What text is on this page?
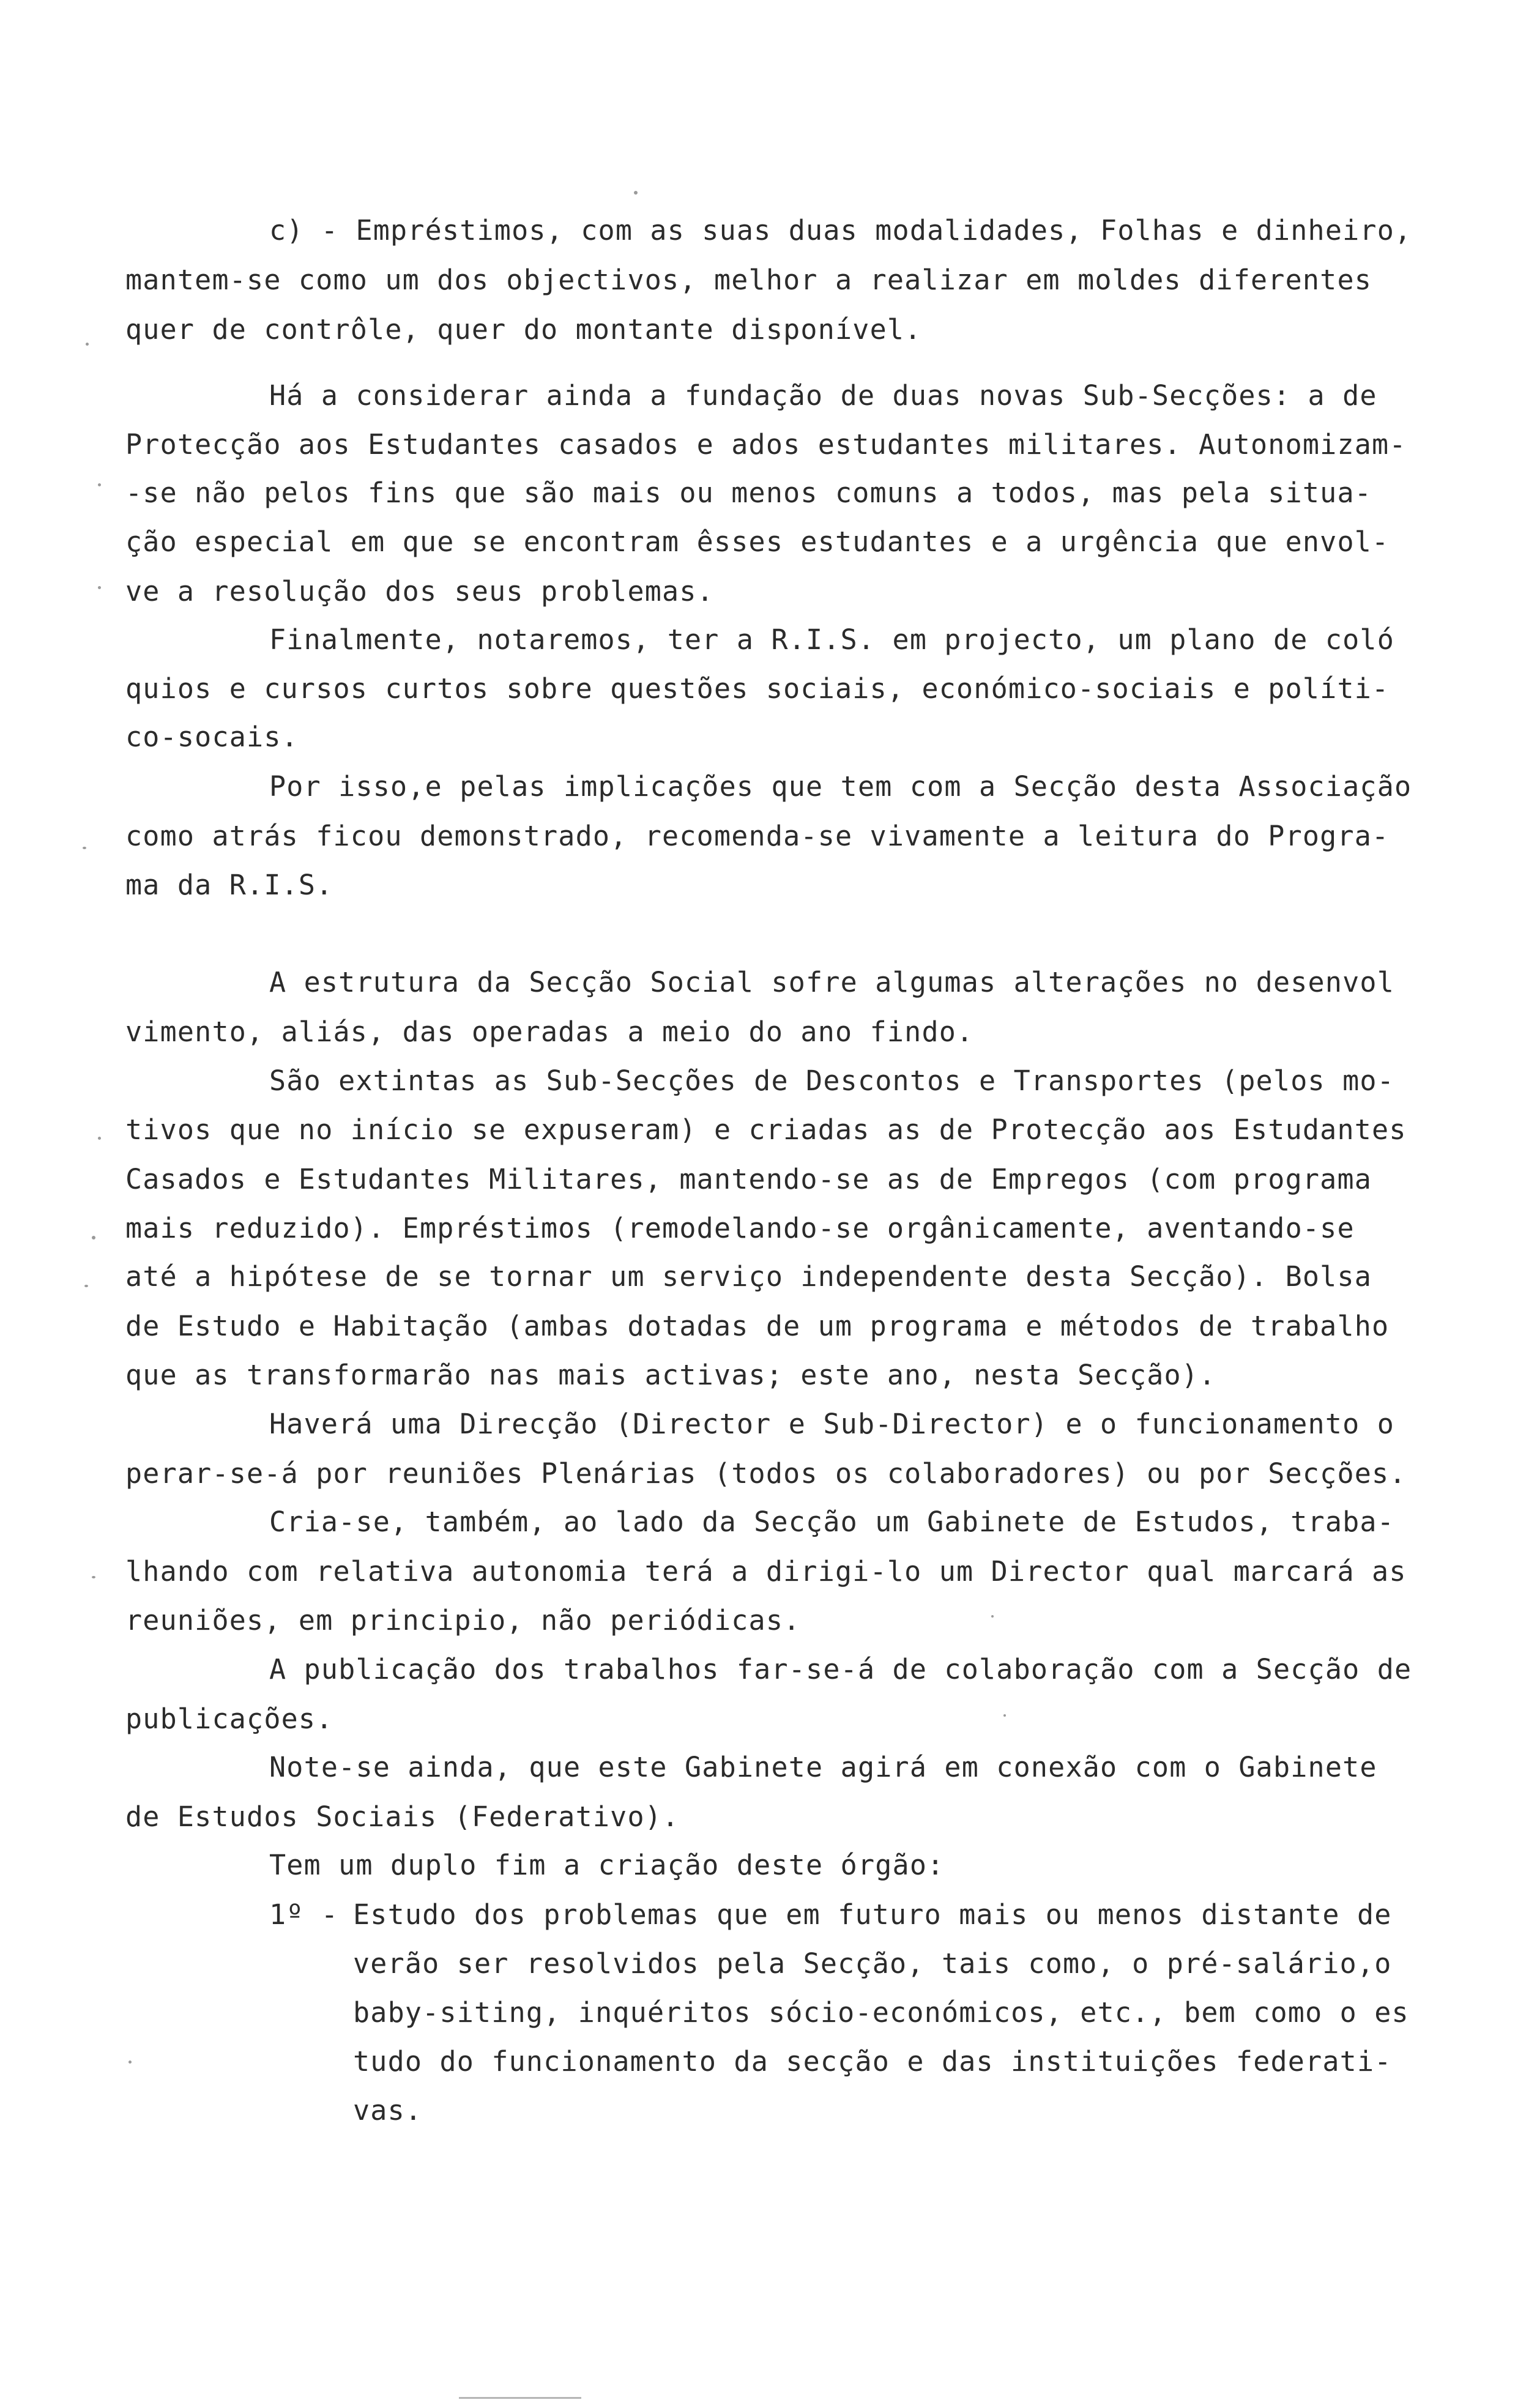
c) - Empréstimos, com as suas duas modalidades, Folhas e dinheiro,
mantem-se como um dos objectivos, melhor a realizar em moldes diferentes
quer de contrôle, quer do montante disponível.
Há a considerar ainda a fundação de duas novas Sub-Secções: a de
Protecção aos Estudantes casados e ados estudantes militares. Autonomizam-
-se não pelos fins que são mais ou menos comuns a todos, mas pela situa-
ção especial em que se encontram êsses estudantes e a urgência que envol-
ve a resolução dos seus problemas.
Finalmente, notaremos, ter a R.I.S. em projecto, um plano de coló
quios e cursos curtos sobre questões sociais, económico-sociais e políti-
co-socais.
Por isso,e pelas implicações que tem com a Secção desta Associação
como atrás ficou demonstrado, recomenda-se vivamente a leitura do Progra-
ma da R.I.S.
A estrutura da Secção Social sofre algumas alterações no desenvol
vimento, aliás, das operadas a meio do ano findo.
São extintas as Sub-Secções de Descontos e Transportes (pelos mo-
tivos que no início se expuseram) e criadas as de Protecção aos Estudantes
Casados e Estudantes Militares, mantendo-se as de Empregos (com programa
mais reduzido). Empréstimos (remodelando-se orgânicamente, aventando-se
até a hipótese de se tornar um serviço independente desta Secção). Bolsa
de Estudo e Habitação (ambas dotadas de um programa e métodos de trabalho
que as transformarão nas mais activas; este ano, nesta Secção).
Haverá uma Direcção (Director e Sub-Director) e o funcionamento o
perar-se-á por reuniões Plenárias (todos os colaboradores) ou por Secções.
Cria-se, também, ao lado da Secção um Gabinete de Estudos, traba-
lhando com relativa autonomia terá a dirigi-lo um Director qual marcará as
reuniões, em principio, não periódicas.
A publicação dos trabalhos far-se-á de colaboração com a Secção de
publicações.
Note-se ainda, que este Gabinete agirá em conexão com o Gabinete
de Estudos Sociais (Federativo).
Tem um duplo fim a criação deste órgão:
1º - Estudo dos problemas que em futuro mais ou menos distante de
verão ser resolvidos pela Secção, tais como, o pré-salário,o
baby-siting, inquéritos sócio-económicos, etc., bem como o es
tudo do funcionamento da secção e das instituições federati-
vas.
